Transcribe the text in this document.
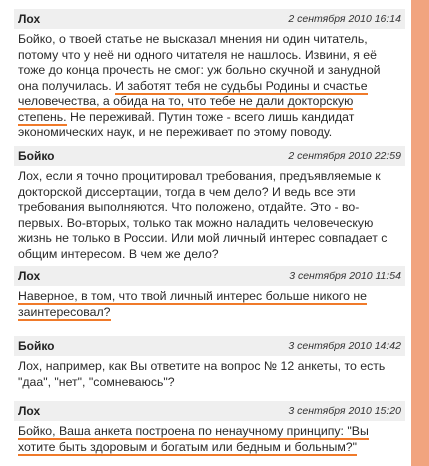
Лох	2 сентября 2010 16:14
Бойко, о твоей статье не высказал мнения ни один читатель,
потому что у неё ни одного читателя не нашлось. Извини, я её
тоже до конца прочесть не смог: уж больно скучной и занудной
она получилась. И заботят тебя не судьбы Родины и счастье
человечества, а обида на то, что тебе не дали докторскую
степень. Не переживай. Путин тоже - всего лишь кандидат
экономических наук, и не переживает по этому поводу.
Бойко	2 сентября 2010 22:59
Лох, если я точно процитировал требования, предъявляемые к
докторской диссертации, тогда в чем дело? И ведь все эти
требования выполняются. Что положено, отдайте. Это - во-
первых. Во-вторых, только так можно наладить человеческую
жизнь не только в России. Или мой личный интерес совпадает с
общим интересом. В чем же дело?
Лох	3 сентября 2010 11:54
Наверное, в том, что твой личный интерес больше никого не
заинтересовал?
Бойко	3 сентября 2010 14:42
Лох, например, как Вы ответите на вопрос № 12 анкеты, то есть
"даа", "нет", "сомневаюсь"?
Лох	3 сентября 2010 15:20
Бойко, Ваша анкета построена по ненаучному принципу: "Вы
хотите быть здоровым и богатым или бедным и больным?"
